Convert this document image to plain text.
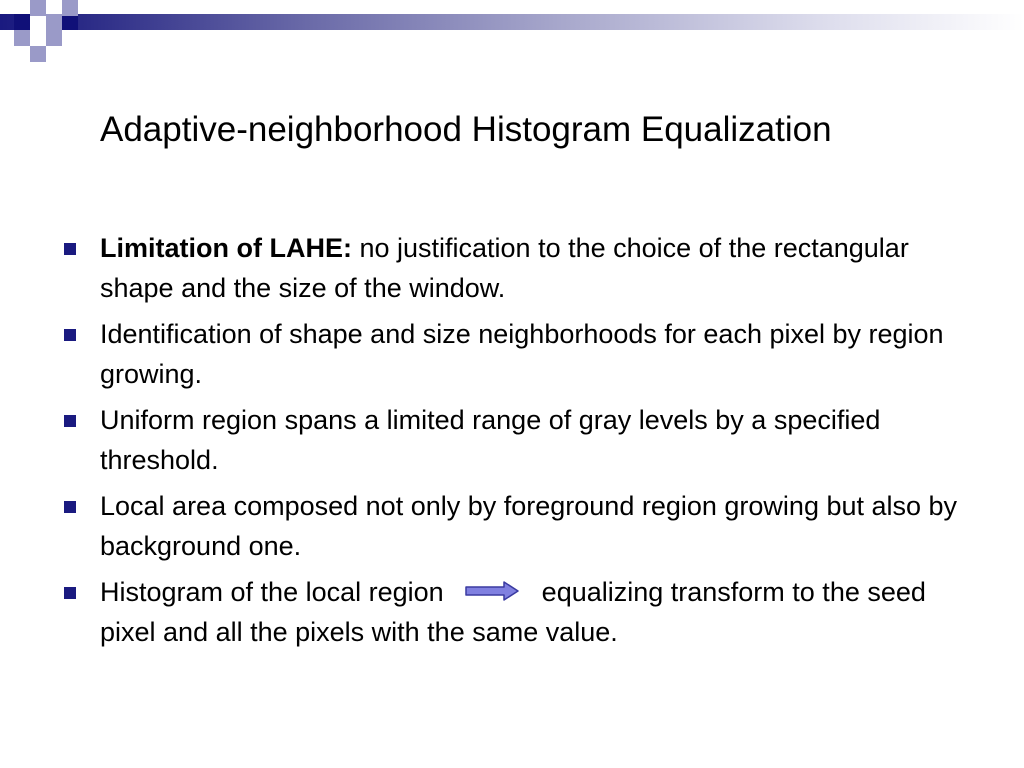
Adaptive-neighborhood Histogram Equalization
Limitation of LAHE: no justification to the choice of the rectangular shape and the size of the window.
Identification of shape and size neighborhoods for each pixel by region growing.
Uniform region spans a limited range of gray levels by a specified threshold.
Local area composed not only by foreground region growing but also by background one.
Histogram of the local region	equalizing transform to the seed pixel and all the pixels with the same value.
